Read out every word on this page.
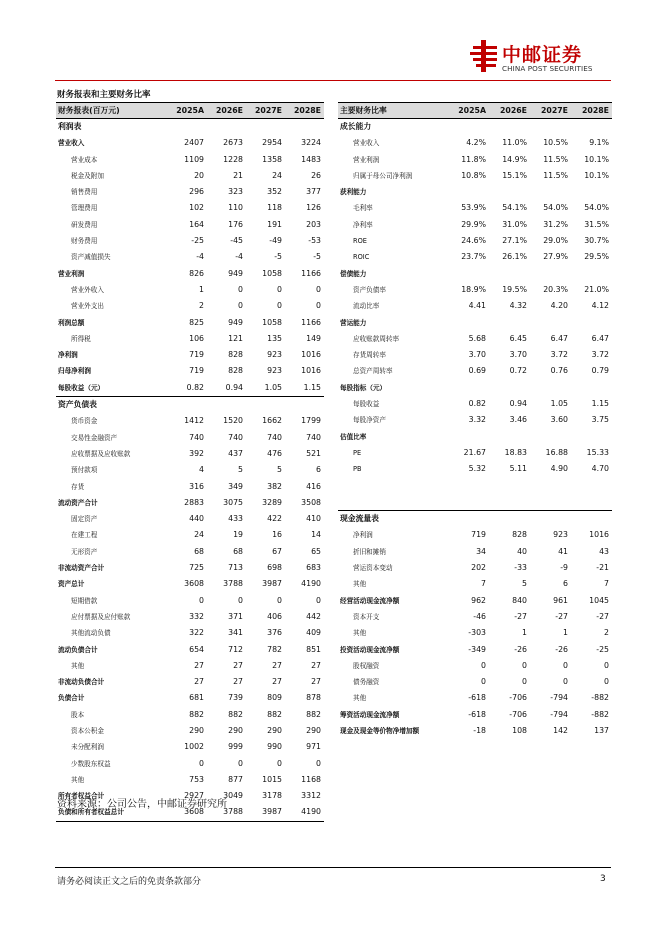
中邮证券
CHINA POST SECURITIES
财务报表和主要财务比率
财务报表(百万元)	2025A	2026E	2027E	2028E
利润表				
营业收入	2407	2673	2954	3224
营业成本	1109	1228	1358	1483
税金及附加	20	21	24	26
销售费用	296	323	352	377
管理费用	102	110	118	126
研发费用	164	176	191	203
财务费用	-25	-45	-49	-53
资产减值损失	-4	-4	-5	-5
营业利润	826	949	1058	1166
营业外收入	1	0	0	0
营业外支出	2	0	0	0
利润总额	825	949	1058	1166
所得税	106	121	135	149
净利润	719	828	923	1016
归母净利润	719	828	923	1016
每股收益（元）	0.82	0.94	1.05	1.15
资产负债表				
货币资金	1412	1520	1662	1799
交易性金融资产	740	740	740	740
应收票据及应收账款	392	437	476	521
预付款项	4	5	5	6
存货	316	349	382	416
流动资产合计	2883	3075	3289	3508
固定资产	440	433	422	410
在建工程	24	19	16	14
无形资产	68	68	67	65
非流动资产合计	725	713	698	683
资产总计	3608	3788	3987	4190
短期借款	0	0	0	0
应付票据及应付账款	332	371	406	442
其他流动负债	322	341	376	409
流动负债合计	654	712	782	851
其他	27	27	27	27
非流动负债合计	27	27	27	27
负债合计	681	739	809	878
股本	882	882	882	882
资本公积金	290	290	290	290
未分配利润	1002	999	990	971
少数股东权益	0	0	0	0
其他	753	877	1015	1168
所有者权益合计	2927	3049	3178	3312
负债和所有者权益总计	3608	3788	3987	4190
主要财务比率	2025A	2026E	2027E	2028E
成长能力				
营业收入	4.2%	11.0%	10.5%	9.1%
营业利润	11.8%	14.9%	11.5%	10.1%
归属于母公司净利润	10.8%	15.1%	11.5%	10.1%
获利能力				
毛利率	53.9%	54.1%	54.0%	54.0%
净利率	29.9%	31.0%	31.2%	31.5%
ROE	24.6%	27.1%	29.0%	30.7%
ROIC	23.7%	26.1%	27.9%	29.5%
偿债能力				
资产负债率	18.9%	19.5%	20.3%	21.0%
流动比率	4.41	4.32	4.20	4.12
营运能力				
应收账款周转率	5.68	6.45	6.47	6.47
存货周转率	3.70	3.70	3.72	3.72
总资产周转率	0.69	0.72	0.76	0.79
每股指标（元）				
每股收益	0.82	0.94	1.05	1.15
每股净资产	3.32	3.46	3.60	3.75
估值比率				
PE	21.67	18.83	16.88	15.33
PB	5.32	5.11	4.90	4.70

现金流量表				
净利润	719	828	923	1016
折旧和摊销	34	40	41	43
营运资本变动	202	-33	-9	-21
其他	7	5	6	7
经营活动现金流净额	962	840	961	1045
资本开支	-46	-27	-27	-27
其他	-303	1	1	2
投资活动现金流净额	-349	-26	-26	-25
股权融资	0	0	0	0
债务融资	0	0	0	0
其他	-618	-706	-794	-882
筹资活动现金流净额	-618	-706	-794	-882
现金及现金等价物净增加额	-18	108	142	137
资料来源：公司公告，中邮证券研究所
请务必阅读正文之后的免责条款部分	3
